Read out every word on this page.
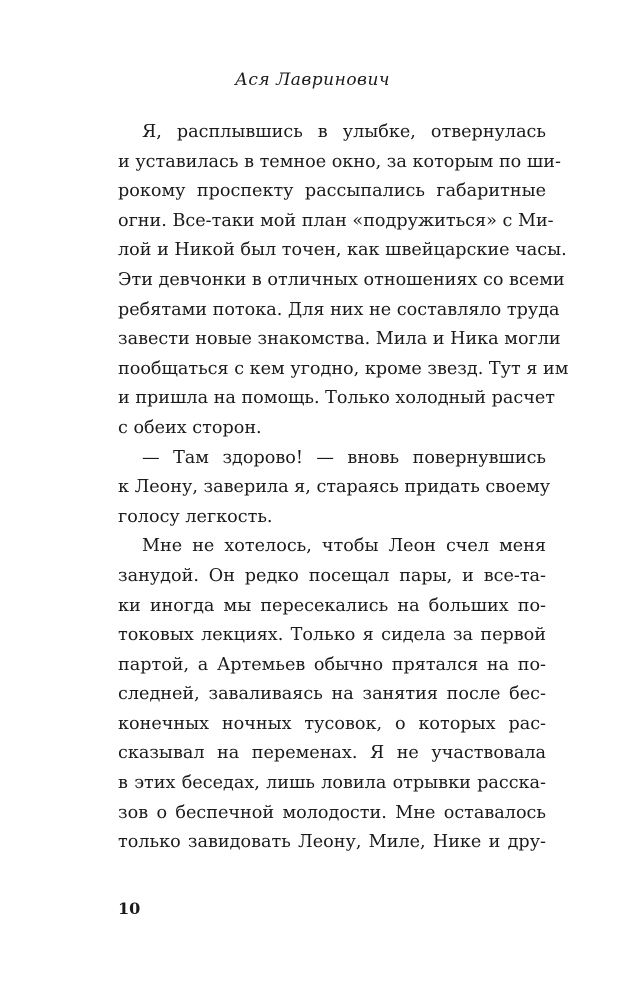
Ася Лавринович
Я, расплывшись в улыбке, отвернулась
и уставилась в темное окно, за которым по ши-
рокому проспекту рассыпались габаритные
огни. Все-таки мой план «подружиться» с Ми-
лой и Никой был точен, как швейцарские часы.
Эти девчонки в отличных отношениях со всеми
ребятами потока. Для них не составляло труда
завести новые знакомства. Мила и Ника могли
пообщаться с кем угодно, кроме звезд. Тут я им
и пришла на помощь. Только холодный расчет
с обеих сторон.
— Там здорово! — вновь повернувшись
к Леону, заверила я, стараясь придать своему
голосу легкость.
Мне не хотелось, чтобы Леон счел меня
занудой. Он редко посещал пары, и все-та-
ки иногда мы пересекались на больших по-
токовых лекциях. Только я сидела за первой
партой, а Артемьев обычно прятался на по-
следней, заваливаясь на занятия после бес-
конечных ночных тусовок, о которых рас-
сказывал на переменах. Я не участвовала
в этих беседах, лишь ловила отрывки расска-
зов о беспечной молодости. Мне оставалось
только завидовать Леону, Миле, Нике и дру-
10
